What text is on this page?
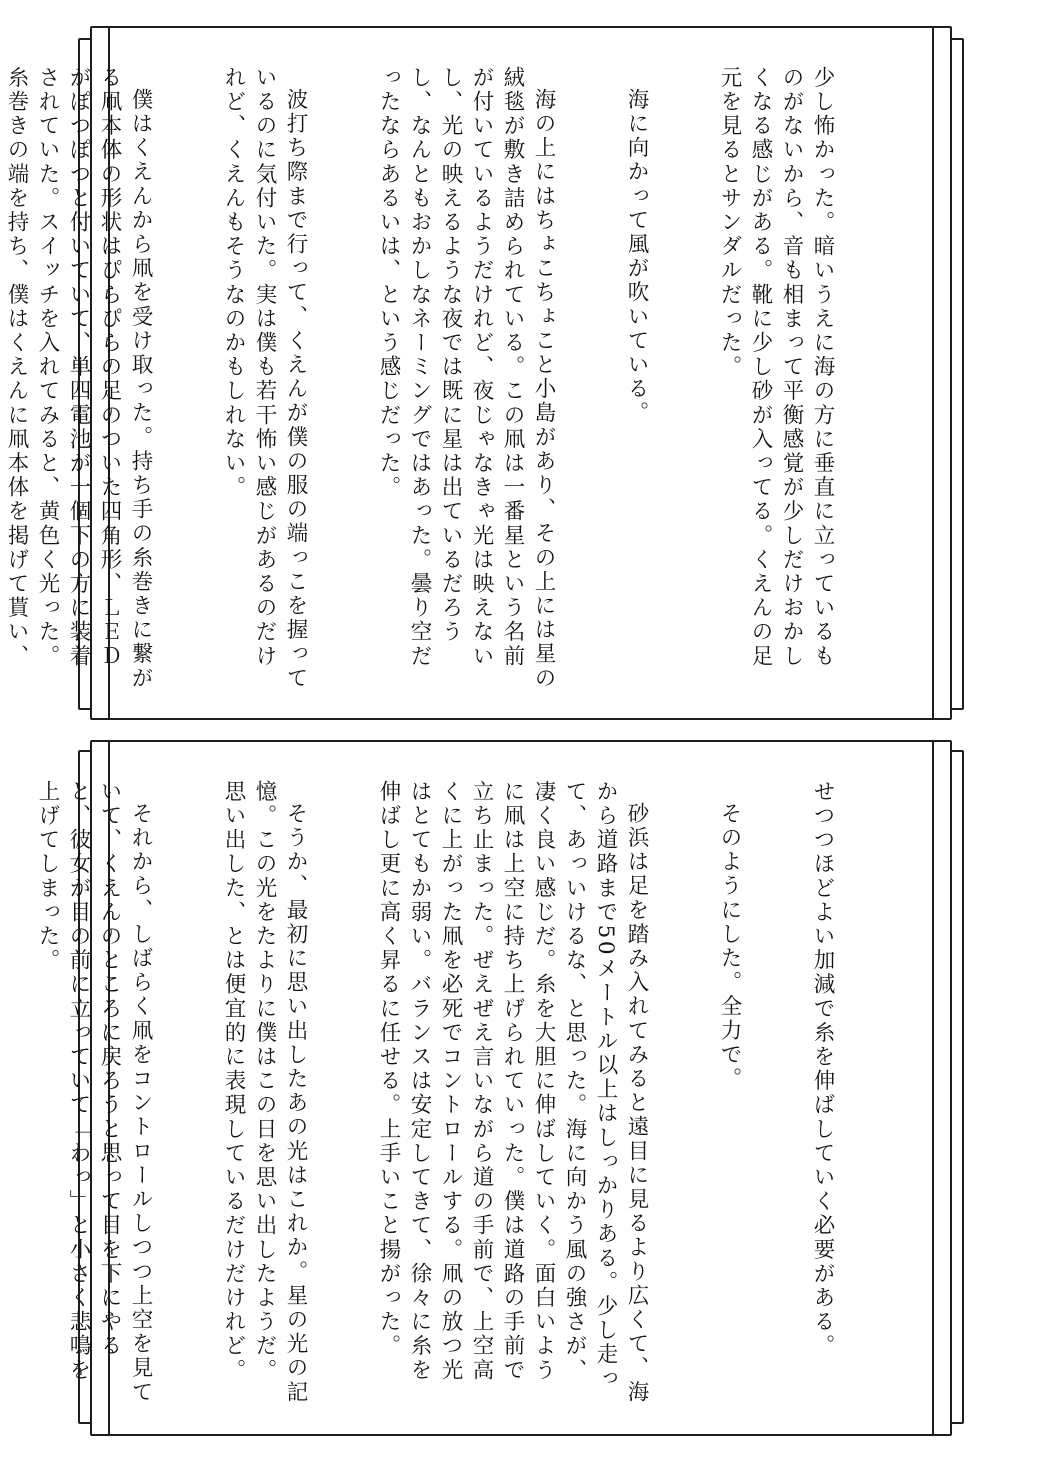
少し怖かった。暗いうえに海の方に垂直に立っているものがないから、音も相まって平衡感覚が少しだけおかしくなる感じがある。靴に少し砂が入ってる。くえんの足元を見るとサンダルだった。

海に向かって風が吹いている。

海の上にはちょこちょこと小島があり、その上には星の絨毯が敷き詰められている。この凧は一番星という名前が付いているようだけれど、夜じゃなきゃ光は映えないし、光の映えるような夜では既に星は出ているだろうし、なんともおかしなネーミングではあった。曇り空だったならあるいは、という感じだった。

波打ち際まで行って、くえんが僕の服の端っこを握っているのに気付いた。実は僕も若干怖い感じがあるのだけれど、くえんもそうなのかもしれない。

僕はくえんから凧を受け取った。持ち手の糸巻きに繋がる凧本体の形状はぴらぴらの足のついた四角形、ＬＥＤがぽつぽつと付いていて、単四電池が一個下の方に装着されていた。スイッチを入れてみると、黄色く光った。糸巻きの端を持ち、僕はくえんに凧本体を掲げて貰い、

せつつほどよい加減で糸を伸ばしていく必要がある。

そのようにした。全力で。

砂浜は足を踏み入れてみると遠目に見るより広くて、海から道路まで50メートル以上はしっかりある。少し走って、あっいけるな、と思った。海に向かう風の強さが、凄く良い感じだ。糸を大胆に伸ばしていく。面白いように凧は上空に持ち上げられていった。僕は道路の手前で立ち止まった。ぜえぜえ言いながら道の手前で、上空高くに上がった凧を必死でコントロールする。凧の放つ光はとてもか弱い。バランスは安定してきて、徐々に糸を伸ばし更に高く昇るに任せる。上手いこと揚がった。

そうか、最初に思い出したあの光はこれか。星の光の記憶。この光をたよりに僕はこの日を思い出したようだ。思い出した、とは便宜的に表現しているだけだけれど。

それから、しばらく凧をコントロールしつつ上空を見ていて、くえんのところに戻ろうと思って目を下にやると、彼女が目の前に立っていて「わっ」と小さく悲鳴を上げてしまった。
